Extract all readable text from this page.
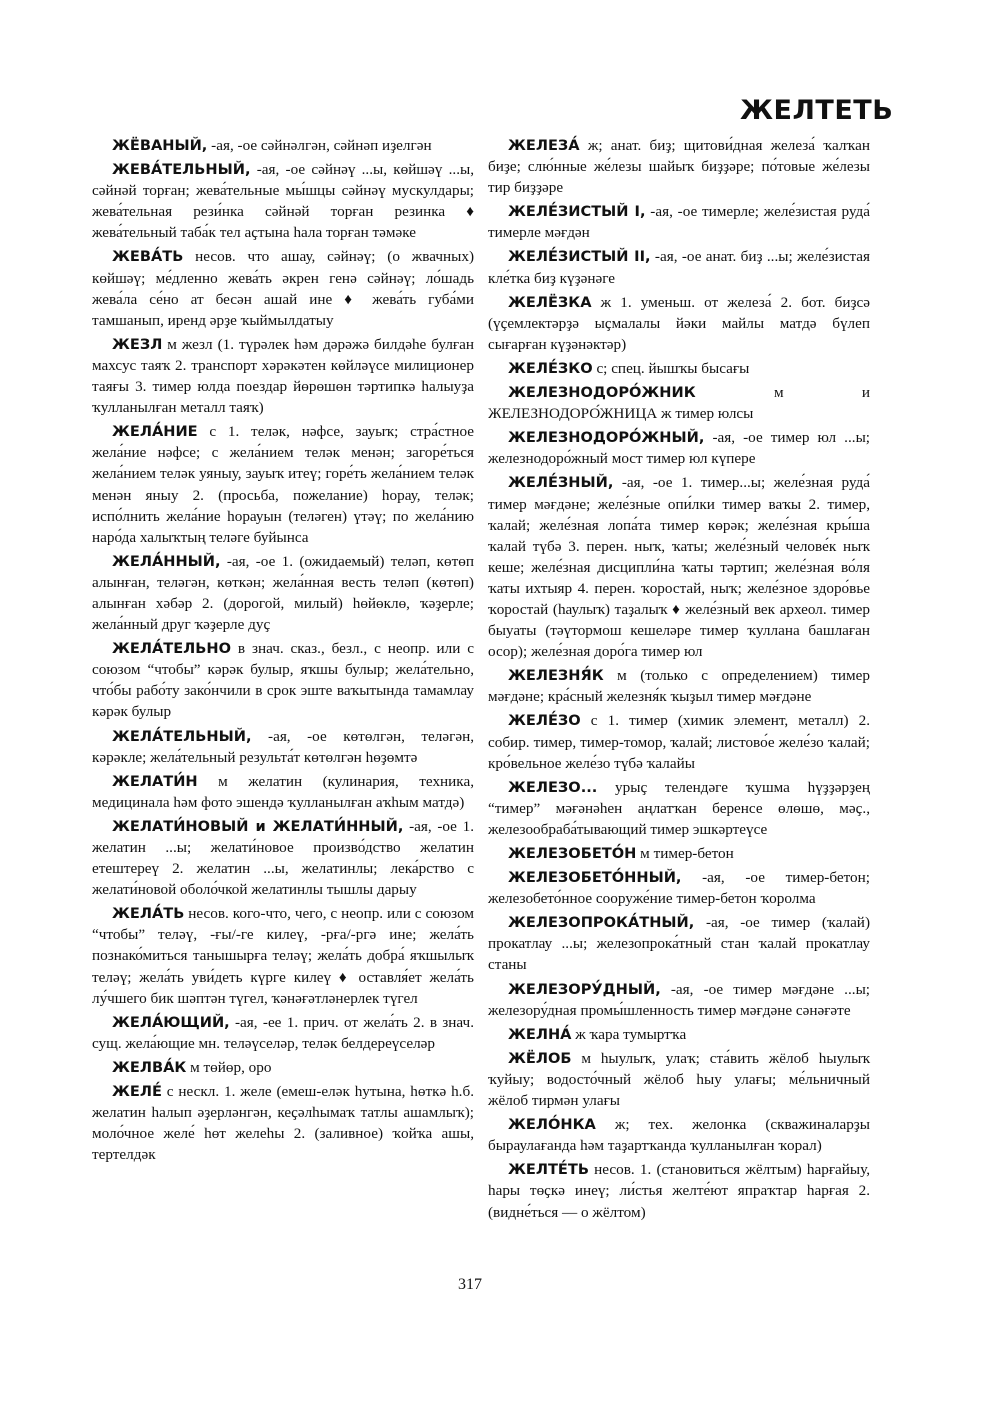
ЖЕЛТЕТЬ

ЖЁВАНЫЙ, -ая, -ое сәйнәлгән, сәйнәп иҙелгән

ЖЕВА́ТЕЛЬНЫЙ, -ая, -ое сәйнәү ...ы, көйшәү ...ы, сәйнәй торған; жева́тельные мы́шцы сәйнәү мускулдары; жева́тельная рези́нка сәйнәй торған резинка ♦ жева́тельный таба́к тел аҫтына һала торған тәмәке

ЖЕВА́ТЬ несов. что ашау, сәйнәү; (о жвачных) көйшәү; ме́дленно жева́ть әкрен генә сәйнәү; ло́шадь жева́ла се́но ат бесән ашай ине ♦ жева́ть губа́ми тамшанып, иренд әрҙе ҡыймылдатыу

ЖЕЗЛ м жезл (1. түрәлек һәм дәрәжә билдәһе булған махсус таяҡ 2. транспорт хәрәкәтен көйләүсе милиционер таяғы 3. тимер юлда поездар йөрөшөн тәртипкә һалыуҙа ҡулланылған металл таяҡ)

ЖЕЛА́НИЕ с 1. теләк, нәфсе, зауыҡ; стра́стное жела́ние нәфсе; с жела́нием теләк менән; загоре́ться жела́нием теләк уяныу, зауыҡ итеү; горе́ть жела́нием теләк менән яныу 2. (просьба, пожелание) һорау, теләк; испо́лнить жела́ние һорауын (теләген) үтәү; по жела́нию наро́да халыҡтың теләге буйынса

ЖЕЛА́ННЫЙ, -ая, -ое 1. (ожидаемый) теләп, көтөп алынған, теләгән, көткән; жела́нная весть теләп (көтөп) алынған хәбәр 2. (дорогой, милый) һөйөклө, ҡәҙерле; жела́нный друг ҡәҙерле дуҫ

ЖЕЛА́ТЕЛЬНО в знач. сказ., безл., с неопр. или с союзом “чтобы” кәрәк булыр, яҡшы булыр; жела́тельно, что́бы рабо́ту зако́нчили в срок эште ваҡытында тамамлау кәрәк булыр

ЖЕЛА́ТЕЛЬНЫЙ, -ая, -ое көтөлгән, теләгән, кәрәкле; жела́тельный результа́т көтөлгән һөҙөмтә

ЖЕЛАТИ́Н м желатин (кулинария, техника, медицинала һәм фото эшендә ҡулланылған аҡһым матдә)

ЖЕЛАТИ́НОВЫЙ и ЖЕЛАТИ́ННЫЙ, -ая, -ое 1. желатин ...ы; желати́новое произво́дство желатин етештереү 2. желатин ...ы, желатинлы; лека́рство с желати́новой оболо́чкой желатинлы тышлы дарыу

ЖЕЛА́ТЬ несов. кого-что, чего, с неопр. или с союзом “чтобы” теләү, -ғы/-ге килеү, -рға/-ргә ине; жела́ть познако́миться танышырға теләү; жела́ть добра́ яҡшылыҡ теләү; жела́ть уви́деть күргe килеү ♦ оставля́ет жела́ть лу́чшего бик шәптән түгел, ҡәнәғәтләнерлек түгел

ЖЕЛА́ЮЩИЙ, -ая, -ее 1. прич. от жела́ть 2. в знач. сущ. жела́ющие мн. теләүселәр, теләк белдереүселәр

ЖЕЛВА́К м төйөр, оро

ЖЕЛЕ́ с нескл. 1. желе (емеш-еләк һутына, һөткә һ.б. желатин һалып әҙерләнгән, кеҫәлһымаҡ татлы ашамлыҡ); моло́чное желе́ һөт желеһы 2. (заливное) ҡойҡа ашы, тертелдәк

ЖЕЛЕЗА́ ж; анат. биҙ; щитови́дная железа́ ҡалҡан биҙе; слю́нные же́лезы шайыҡ биҙҙәре; по́товые же́лезы тир биҙҙәре

ЖЕЛЕ́ЗИСТЫЙ I, -ая, -ое тимерле; желе́зистая руда́ тимерле мәғдән

ЖЕЛЕ́ЗИСТЫЙ II, -ая, -ое анат. биҙ ...ы; желе́зистая кле́тка биҙ күҙәнәге

ЖЕЛЁЗКА ж 1. уменьш. от железа́ 2. бот. биҙсә (үҫемлектәрҙә ыҫмалалы йәки майлы матдә бүлеп сығарған күҙәнәктәр)

ЖЕЛЕ́ЗКО с; спец. йышҡы бысағы

ЖЕЛЕЗНОДОРО́ЖНИК м и ЖЕЛЕЗНОДОРО́ЖНИЦА ж тимер юлсы

ЖЕЛЕЗНОДОРО́ЖНЫЙ, -ая, -ое тимер юл ...ы; железнодоро́жный мост тимер юл күпере

ЖЕЛЕ́ЗНЫЙ, -ая, -ое 1. тимер...ы; желе́зная руда́ тимер мәғдәне; желе́зные опи́лки тимер ваҡы 2. тимер, ҡалай; желе́зная лопа́та тимер көрәк; желе́зная кры́ша ҡалай түбә 3. перен. ныҡ, ҡаты; желе́зный челове́к ныҡ кеше; желе́зная дисципли́на ҡаты тәртип; желе́зная во́ля ҡаты ихтыяр 4. перен. ҡоростай, ныҡ; желе́зное здоро́вье ҡоростай (һаулыҡ) таҙалыҡ ♦ желе́зный век археол. тимер быуаты (тәүтормош кешеләре тимер ҡуллана башлаған осор); желе́зная доро́га тимер юл

ЖЕЛЕЗНЯ́К м (только с определением) тимер мәғдәне; кра́сный железня́к ҡыҙыл тимер мәғдәне

ЖЕЛЕ́ЗО с 1. тимер (химик элемент, металл) 2. собир. тимер, тимер-томор, ҡалай; листово́е желе́зо ҡалай; кро́вельное желе́зо түбә ҡалайы

ЖЕЛЕЗО... урыҫ телендәге ҡушма һүҙҙәрҙең “тимер” мәғәнәһен аңлатҡан беренсе өлөшө, мәҫ., железообраба́тывающий тимер эшкәртеүсе

ЖЕЛЕЗОБЕТО́Н м тимер-бетон

ЖЕЛЕЗОБЕТО́ННЫЙ, -ая, -ое тимер-бетон; железобето́нное сооруже́ние тимер-бетон ҡоролма

ЖЕЛЕЗОПРОКА́ТНЫЙ, -ая, -ое тимер (ҡалай) прокатлау ...ы; железопрока́тный стан ҡалай прокатлау станы

ЖЕЛЕЗОРУ́ДНЫЙ, -ая, -ое тимер мәғдәне ...ы; железору́дная промы́шленность тимер мәғдәне сәнәғәте

ЖЕЛНА́ ж ҡара тумыртҡа

ЖЁЛОБ м һыулыҡ, улаҡ; ста́вить жёлоб һыулыҡ ҡуйыу; водосто́чный жёлоб һыу улағы; ме́льничный жёлоб тирмән улағы

ЖЕЛО́НКА ж; тех. желонка (скважиналарҙы быраулағанда һәм таҙартҡанда ҡулланылған ҡорал)

ЖЕЛТЕ́ТЬ несов. 1. (становиться жёлтым) һарғайыу, һары төҫкә инеү; ли́стья желте́ют япраҡтар һарғая 2. (видне́ться — о жёлтом)

317
